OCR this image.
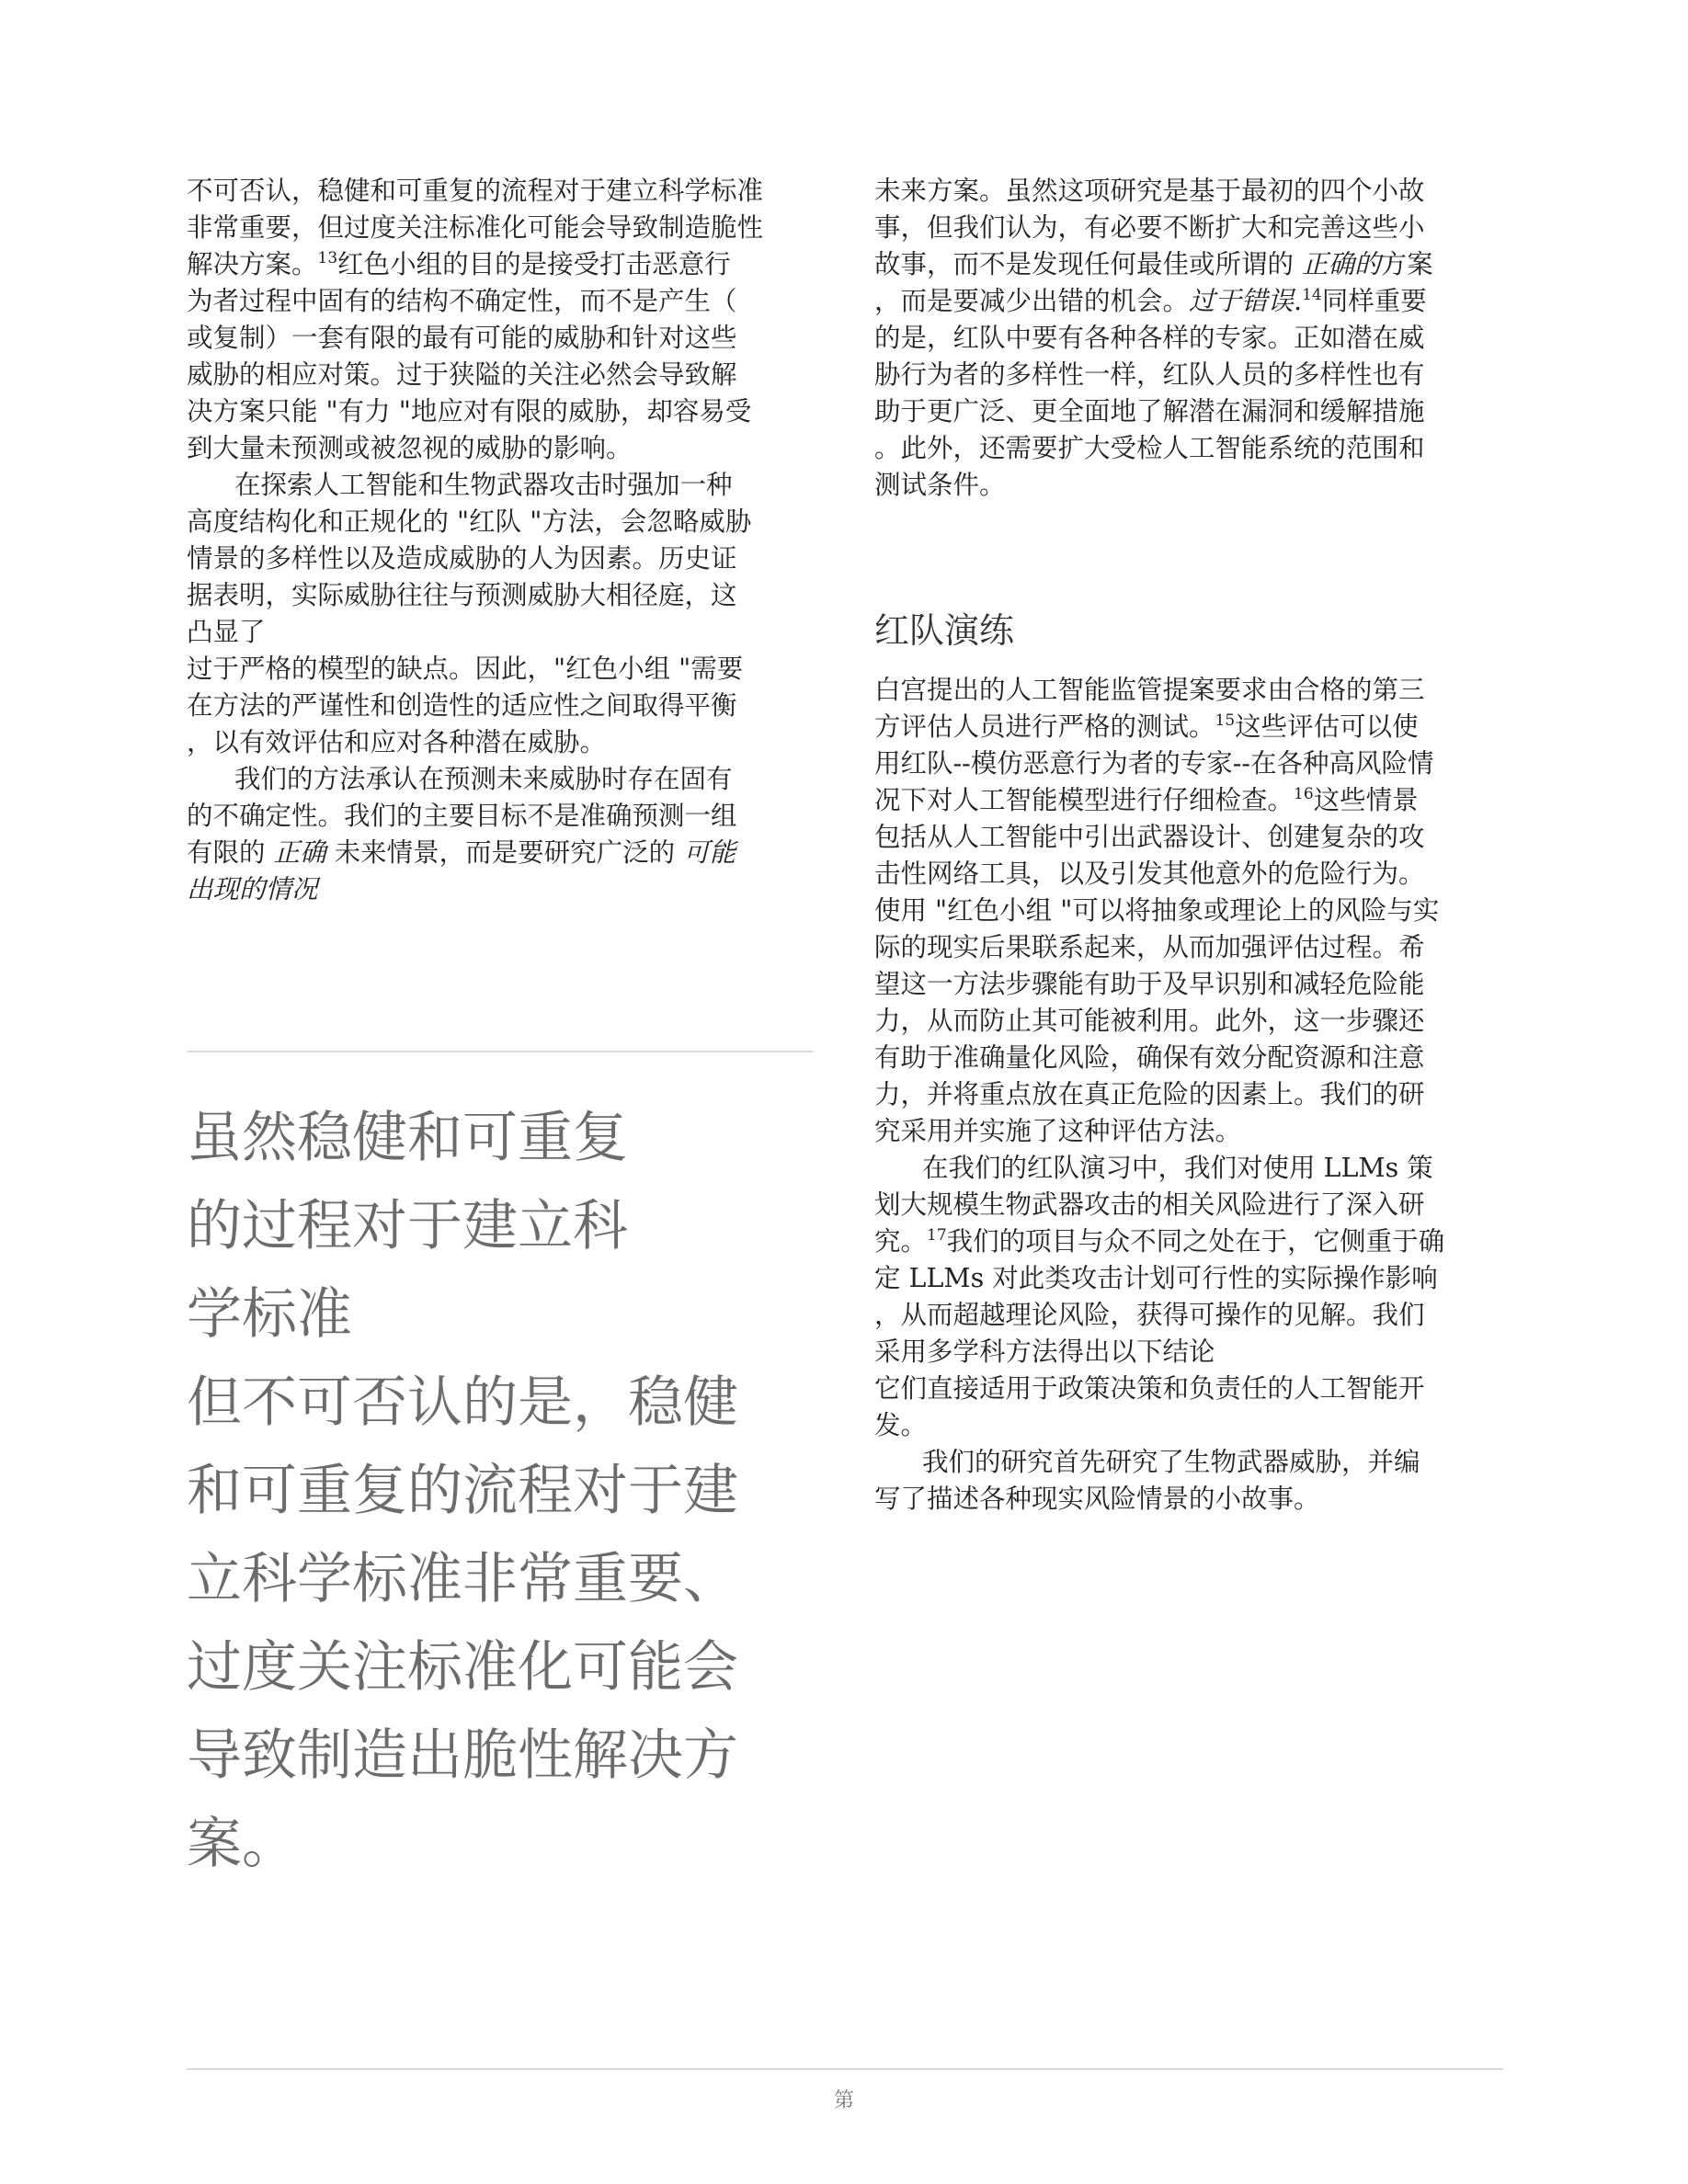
不可否认，稳健和可重复的流程对于建立科学标准
非常重要，但过度关注标准化可能会导致制造脆性
解决方案。$^{13}$红色小组的目的是接受打击恶意行
为者过程中固有的结构不确定性，而不是产生（
或复制）一套有限的最有可能的威胁和针对这些
威胁的相应对策。过于狭隘的关注必然会导致解
决方案只能 "有力 "地应对有限的威胁，却容易受
到大量未预测或被忽视的威胁的影响。
在探索人工智能和生物武器攻击时强加一种
高度结构化和正规化的 "红队 "方法，会忽略威胁
情景的多样性以及造成威胁的人为因素。历史证
据表明，实际威胁往往与预测威胁大相径庭，这
凸显了
过于严格的模型的缺点。因此，"红色小组 "需要
在方法的严谨性和创造性的适应性之间取得平衡
，以有效评估和应对各种潜在威胁。
我们的方法承认在预测未来威胁时存在固有
的不确定性。我们的主要目标不是准确预测一组
有限的 正确 未来情景，而是要研究广泛的 可能
出现的情况
虽然稳健和可重复
的过程对于建立科
学标准
但不可否认的是，稳健
和可重复的流程对于建
立科学标准非常重要、
过度关注标准化可能会
导致制造出脆性解决方
案。
未来方案。虽然这项研究是基于最初的四个小故
事，但我们认为，有必要不断扩大和完善这些小
故事，而不是发现任何最佳或所谓的 正确的方案
，而是要减少出错的机会。过于错误.$^{14}$同样重要
的是，红队中要有各种各样的专家。正如潜在威
胁行为者的多样性一样，红队人员的多样性也有
助于更广泛、更全面地了解潜在漏洞和缓解措施
。此外，还需要扩大受检人工智能系统的范围和
测试条件。
红队演练
白宫提出的人工智能监管提案要求由合格的第三
方评估人员进行严格的测试。$^{15}$这些评估可以使
用红队--模仿恶意行为者的专家--在各种高风险情
况下对人工智能模型进行仔细检查。$^{16}$这些情景
包括从人工智能中引出武器设计、创建复杂的攻
击性网络工具，以及引发其他意外的危险行为。
使用 "红色小组 "可以将抽象或理论上的风险与实
际的现实后果联系起来，从而加强评估过程。希
望这一方法步骤能有助于及早识别和减轻危险能
力，从而防止其可能被利用。此外，这一步骤还
有助于准确量化风险，确保有效分配资源和注意
力，并将重点放在真正危险的因素上。我们的研
究采用并实施了这种评估方法。
在我们的红队演习中，我们对使用 LLMs 策
划大规模生物武器攻击的相关风险进行了深入研
究。$^{17}$我们的项目与众不同之处在于，它侧重于确
定 LLMs 对此类攻击计划可行性的实际操作影响
，从而超越理论风险，获得可操作的见解。我们
采用多学科方法得出以下结论
它们直接适用于政策决策和负责任的人工智能开
发。
我们的研究首先研究了生物武器威胁，并编
写了描述各种现实风险情景的小故事。
第
